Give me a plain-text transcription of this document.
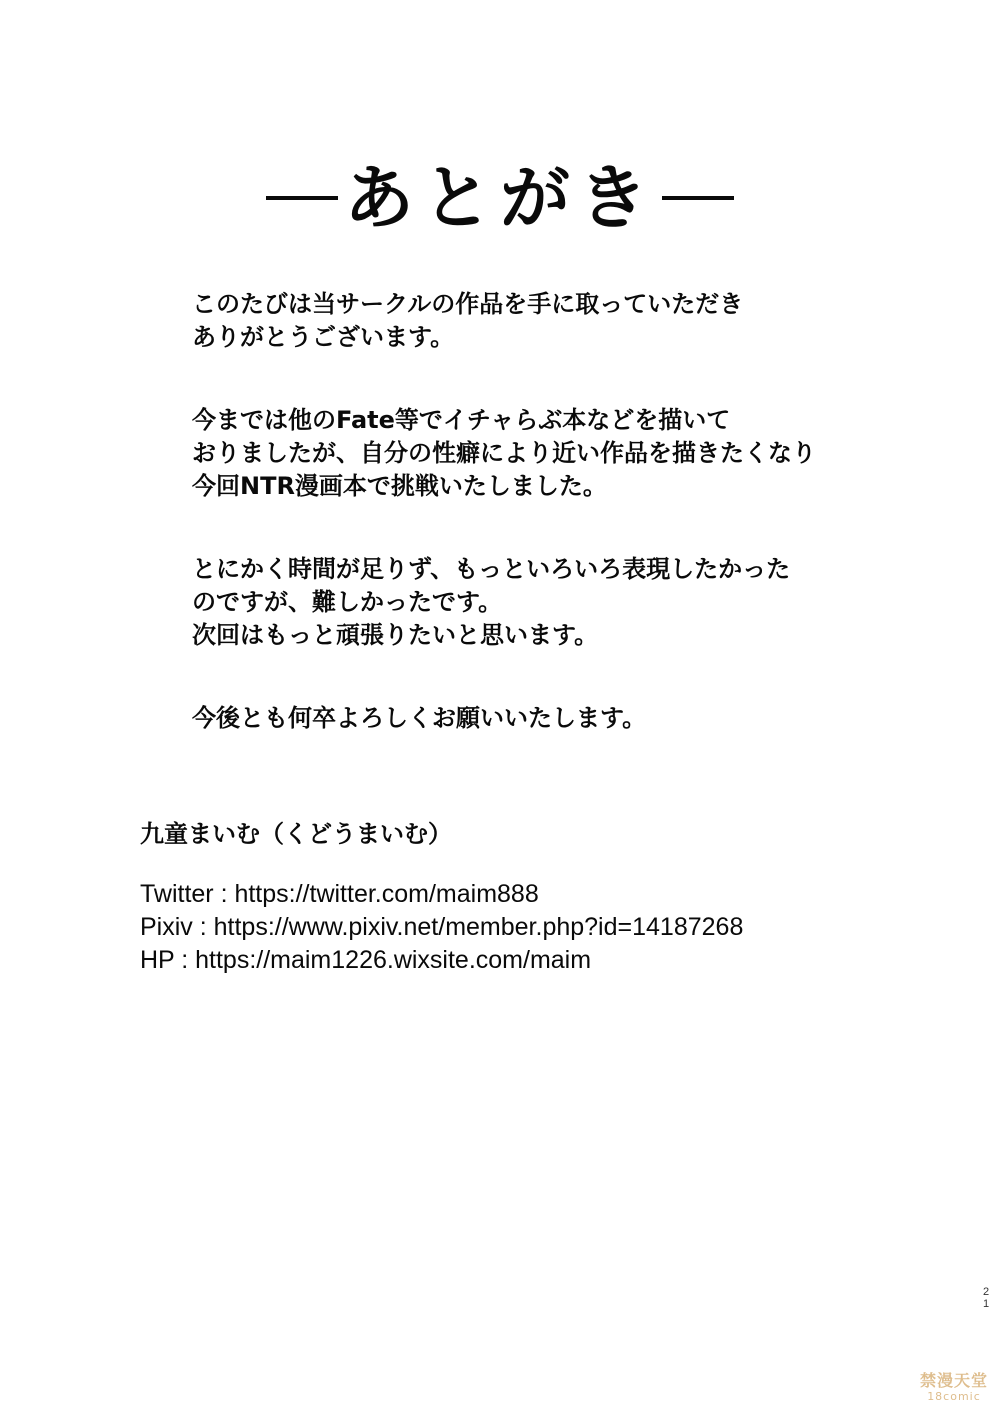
あとがき
このたびは当サークルの作品を手に取っていただき
ありがとうございます。
今までは他のFate等でイチャらぶ本などを描いて
おりましたが、自分の性癖により近い作品を描きたくなり
今回NTR漫画本で挑戦いたしました。
とにかく時間が足りず、もっといろいろ表現したかった
のですが、難しかったです。
次回はもっと頑張りたいと思います。
今後とも何卒よろしくお願いいたします。
九童まいむ（くどうまいむ）
Twitter : https://twitter.com/maim888
Pixiv : https://www.pixiv.net/member.php?id=14187268
HP : https://maim1226.wixsite.com/maim
2
1
禁漫天堂
18comic
